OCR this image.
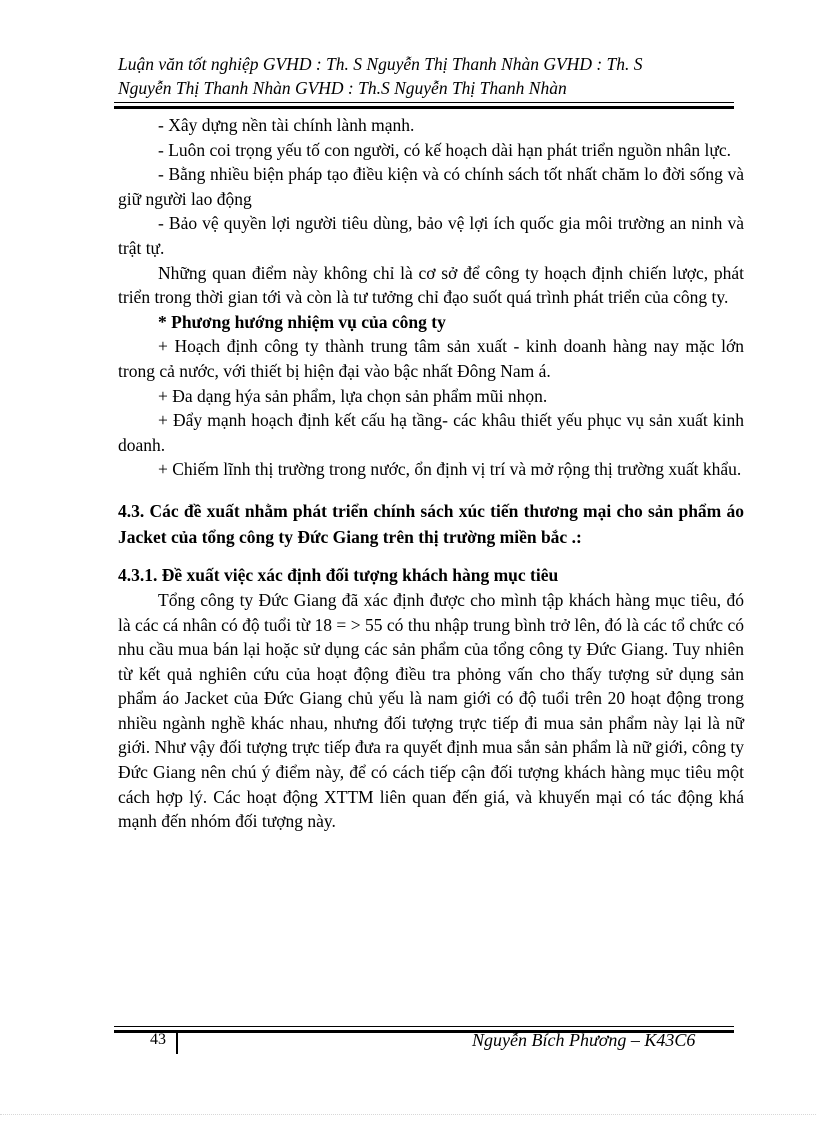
Luận văn tốt nghiệp GVHD : Th. S Nguyễn Thị Thanh Nhàn GVHD : Th. S
Nguyễn Thị Thanh Nhàn GVHD : Th.S Nguyễn Thị Thanh Nhàn

- Xây dựng nền tài chính lành mạnh.

- Luôn coi trọng yếu tố con người, có kế hoạch dài hạn phát triển nguồn nhân lực.

- Bằng nhiều biện pháp tạo điều kiện và có chính sách tốt nhất chăm lo đời sống và giữ người lao động

- Bảo vệ quyền lợi người tiêu dùng, bảo vệ lợi ích quốc gia môi trường an ninh và trật tự.

Những quan điểm này không chỉ là cơ sở để công ty hoạch định chiến lược, phát triển trong thời gian tới và còn là tư tưởng chỉ đạo suốt quá trình phát triển của công ty.

* Phương hướng nhiệm vụ của công ty

+ Hoạch định công ty thành trung tâm sản xuất - kinh doanh hàng nay mặc lớn trong cả nước, với thiết bị hiện đại vào bậc nhất Đông Nam á.

+ Đa dạng hýa sản phẩm, lựa chọn sản phẩm mũi nhọn.

+ Đẩy mạnh hoạch định kết cấu hạ tầng- các khâu thiết yếu phục vụ sản xuất kinh doanh.

+ Chiếm lĩnh thị trường trong nước, ổn định vị trí và mở rộng thị trường xuất khẩu.

4.3. Các đề xuất nhằm phát triển chính sách xúc tiến thương mại cho sản phẩm áo Jacket của tổng công ty Đức Giang trên thị trường miền bắc .:

4.3.1. Đề xuất việc xác định đối tượng khách hàng mục tiêu

Tổng công ty Đức Giang đã xác định được cho mình tập khách hàng mục tiêu, đó là các cá nhân có độ tuổi từ 18 = > 55 có thu nhập trung bình trở lên, đó là các tổ chức có nhu cầu mua bán lại hoặc sử dụng các sản phẩm của tổng công ty Đức Giang. Tuy nhiên từ kết quả nghiên cứu của hoạt động điều tra phỏng vấn cho thấy tượng sử dụng sản phẩm áo Jacket của Đức Giang chủ yếu là nam giới có độ tuổi trên 20 hoạt động trong nhiều ngành nghề khác nhau, nhưng đối tượng trực tiếp đi mua sản phẩm này lại là nữ giới. Như vậy đối tượng trực tiếp đưa ra quyết định mua sắn sản phẩm là nữ giới, công ty Đức Giang nên chú ý điểm này, để có cách tiếp cận đối tượng khách hàng mục tiêu một cách hợp lý. Các hoạt động XTTM liên quan đến giá, và khuyến mại có tác động khá mạnh đến nhóm đối tượng này.

43	Nguyễn Bích Phương – K43C6
